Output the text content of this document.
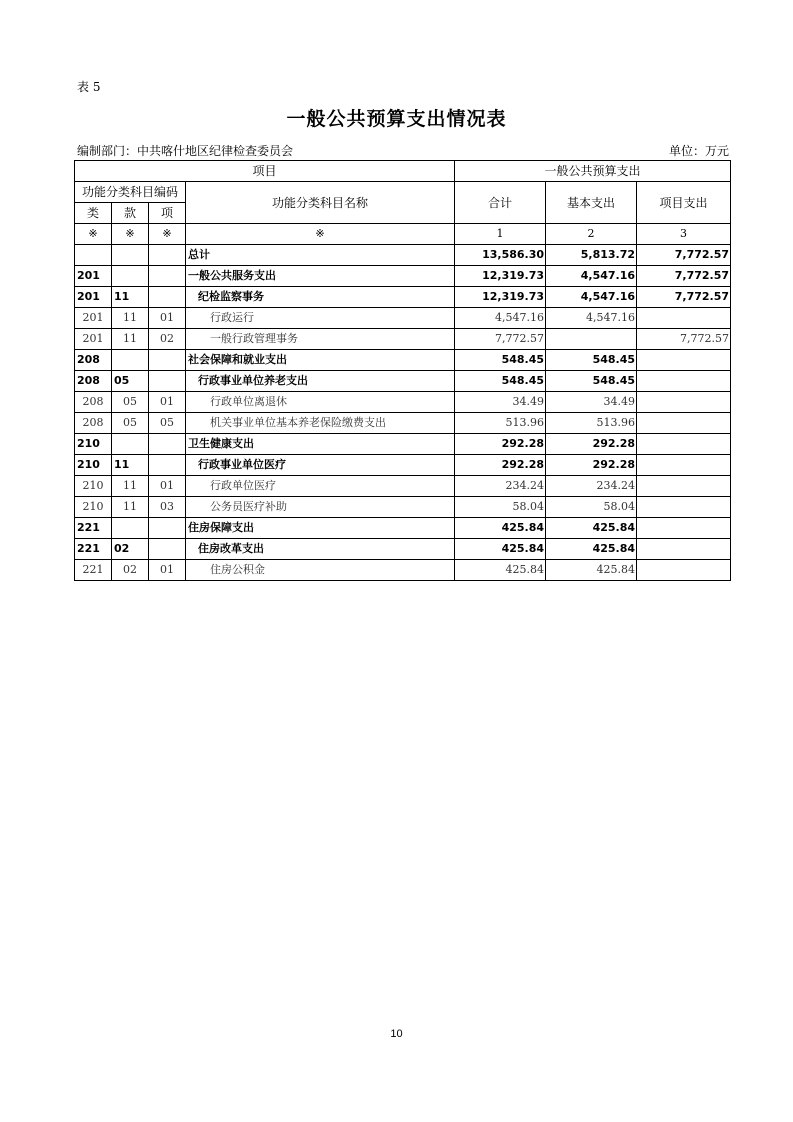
表 5
一般公共预算支出情况表
编制部门：中共喀什地区纪律检查委员会	单位：万元
项目				一般公共预算支出		
功能分类科目编码			功能分类科目名称	合计	基本支出	项目支出
类	款	项				
※	※	※	※	1	2	3
			总计	13,586.30	5,813.72	7,772.57
201			一般公共服务支出	12,319.73	4,547.16	7,772.57
201	11		纪检监察事务	12,319.73	4,547.16	7,772.57
201	11	01	行政运行	4,547.16	4,547.16	
201	11	02	一般行政管理事务	7,772.57		7,772.57
208			社会保障和就业支出	548.45	548.45	
208	05		行政事业单位养老支出	548.45	548.45	
208	05	01	行政单位离退休	34.49	34.49	
208	05	05	机关事业单位基本养老保险缴费支出	513.96	513.96	
210			卫生健康支出	292.28	292.28	
210	11		行政事业单位医疗	292.28	292.28	
210	11	01	行政单位医疗	234.24	234.24	
210	11	03	公务员医疗补助	58.04	58.04	
221			住房保障支出	425.84	425.84	
221	02		住房改革支出	425.84	425.84	
221	02	01	住房公积金	425.84	425.84	
10
